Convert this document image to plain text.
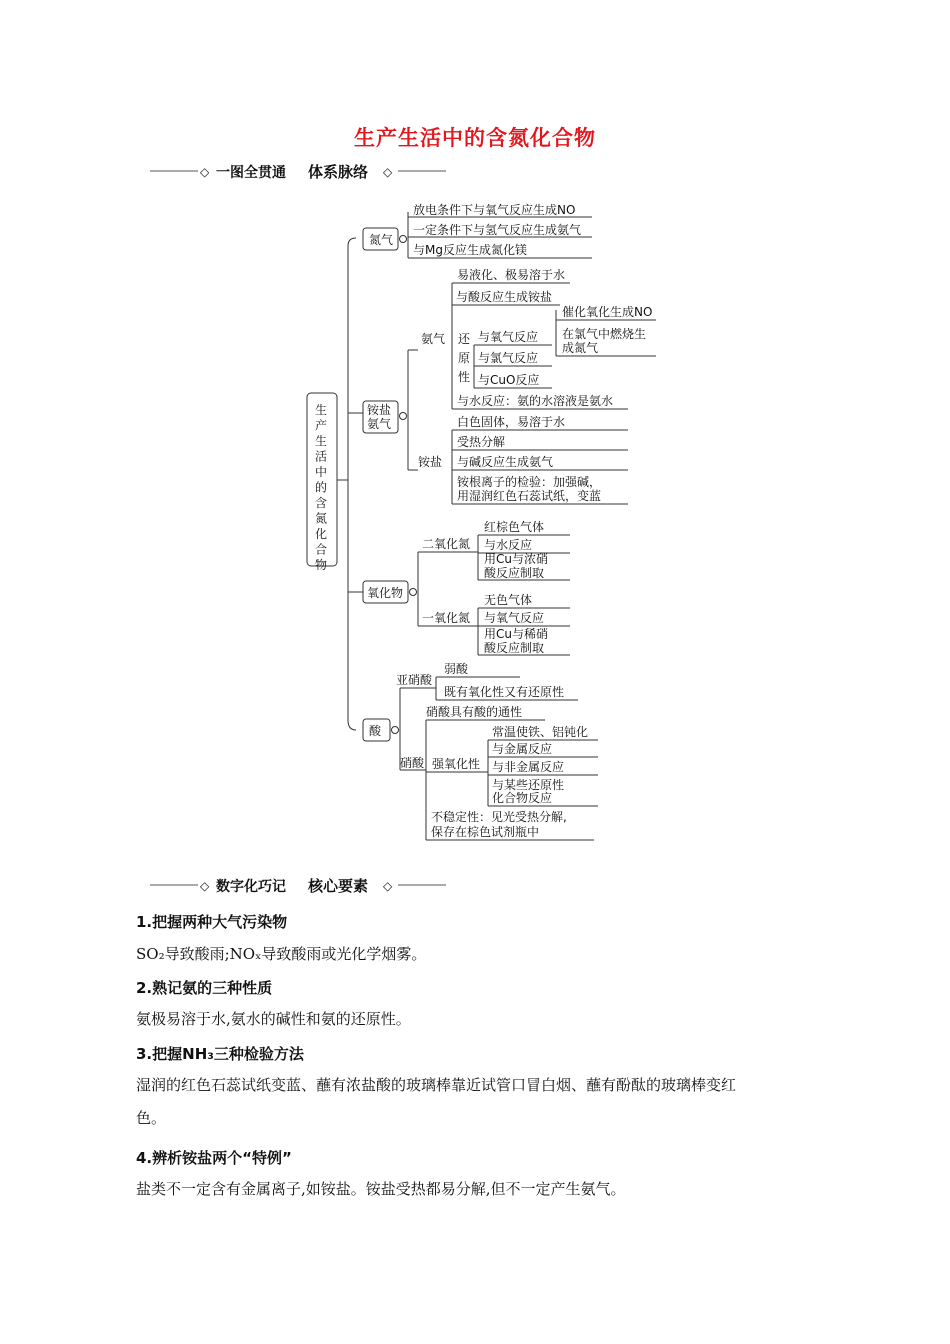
生产生活中的含氮化合物
◇ 一图全贯通 体系脉络 ◇
生
产
生
活
中
的
含
氮
化
合
物
氮气
放电条件下与氧气反应生成NO
一定条件下与氢气反应生成氨气
与Mg反应生成氮化镁
铵盐
氨气
氨气
易液化、极易溶于水
与酸反应生成铵盐
与水反应：氨的水溶液是氨水
还
原
性
与氧气反应
与氯气反应
与CuO反应
催化氧化生成NO
在氯气中燃烧生
成氮气
铵盐
白色固体，易溶于水
受热分解
与碱反应生成氨气
铵根离子的检验：加强碱，
用湿润红色石蕊试纸，变蓝
氧化物
二氧化氮
红棕色气体
与水反应
用Cu与浓硝
酸反应制取
一氧化氮
无色气体
与氧气反应
用Cu与稀硝
酸反应制取
酸
亚硝酸
弱酸
既有氧化性又有还原性
硝酸
硝酸具有酸的通性
强氧化性
常温使铁、铝钝化
与金属反应
与非金属反应
与某些还原性
化合物反应
不稳定性：见光受热分解,
保存在棕色试剂瓶中
◇ 数字化巧记 核心要素 ◇
1.把握两种大气污染物
SO₂导致酸雨;NOₓ导致酸雨或光化学烟雾。
2.熟记氨的三种性质
氨极易溶于水,氨水的碱性和氨的还原性。
3.把握NH₃三种检验方法
湿润的红色石蕊试纸变蓝、蘸有浓盐酸的玻璃棒靠近试管口冒白烟、蘸有酚酞的玻璃棒变红
色。
4.辨析铵盐两个“特例”
盐类不一定含有金属离子,如铵盐。铵盐受热都易分解,但不一定产生氨气。
